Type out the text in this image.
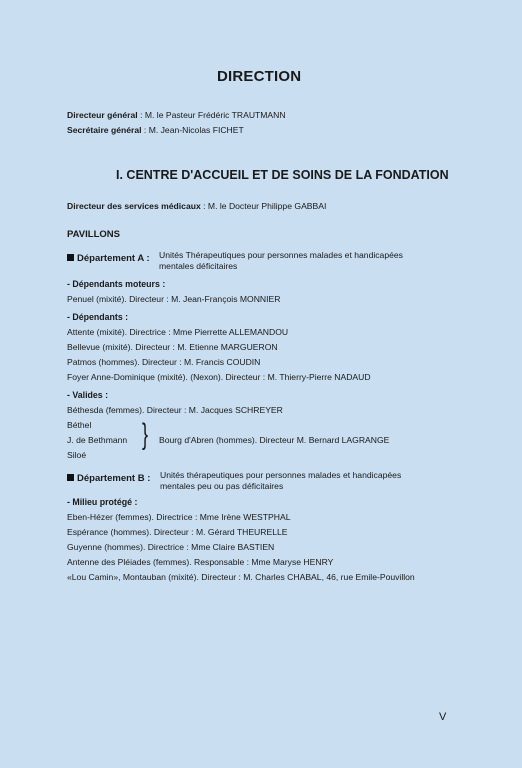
DIRECTION
Directeur général : M. le Pasteur Frédéric TRAUTMANN
Secrétaire général : M. Jean-Nicolas FICHET
I. CENTRE D'ACCUEIL ET DE SOINS DE LA FONDATION
Directeur des services médicaux : M. le Docteur Philippe GABBAI
PAVILLONS
Département A : Unités Thérapeutiques pour personnes malades et handicapées
mentales déficitaires
- Dépendants moteurs :
Penuel (mixité). Directeur : M. Jean-François MONNIER
- Dépendants :
Attente (mixité). Directrice : Mme Pierrette ALLEMANDOU
Bellevue (mixité). Directeur : M. Etienne MARGUERON
Patmos (hommes). Directeur : M. Francis COUDIN
Foyer Anne-Dominique (mixité). (Nexon). Directeur : M. Thierry-Pierre NADAUD
- Valides :
Béthesda (femmes). Directeur : M. Jacques SCHREYER
Béthel
J. de Bethmann
Siloé
} Bourg d'Abren (hommes). Directeur M. Bernard LAGRANGE
Département B : Unités thérapeutiques pour personnes malades et handicapées
mentales peu ou pas déficitaires
- Milieu protégé :
Eben-Hézer (femmes). Directrice : Mme Irène WESTPHAL
Espérance (hommes). Directeur : M. Gérard THEURELLE
Guyenne (hommes). Directrice : Mme Claire BASTIEN
Antenne des Pléiades (femmes). Responsable : Mme Maryse HENRY
«Lou Camin», Montauban (mixité). Directeur : M. Charles CHABAL, 46, rue Emile-Pouvillon
V
